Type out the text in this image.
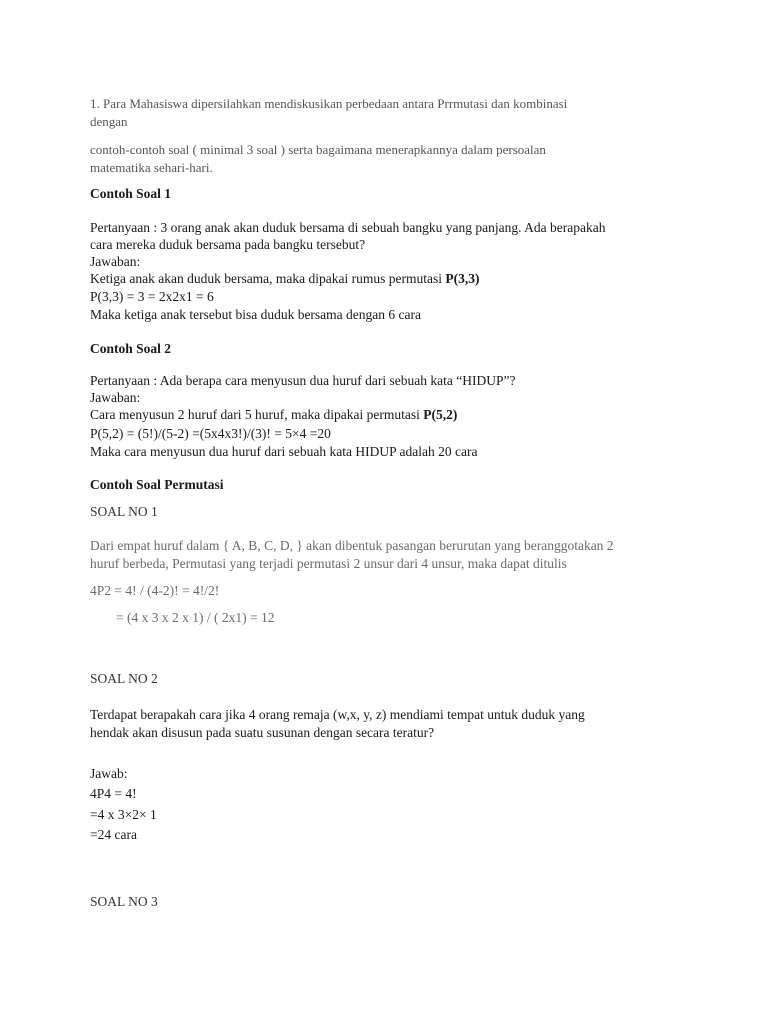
1. Para Mahasiswa dipersilahkan mendiskusikan perbedaan antara Prrmutasi dan kombinasi
dengan
contoh-contoh soal ( minimal 3 soal ) serta bagaimana menerapkannya dalam persoalan
matematika sehari-hari.
Contoh Soal 1
Pertanyaan : 3 orang anak akan duduk bersama di sebuah bangku yang panjang. Ada berapakah
cara mereka duduk bersama pada bangku tersebut?
Jawaban:
Ketiga anak akan duduk bersama, maka dipakai rumus permutasi P(3,3)
P(3,3) = 3 = 2x2x1 = 6
Maka ketiga anak tersebut bisa duduk bersama dengan 6 cara
Contoh Soal 2
Pertanyaan : Ada berapa cara menyusun dua huruf dari sebuah kata “HIDUP”?
Jawaban:
Cara menyusun 2 huruf dari 5 huruf, maka dipakai permutasi P(5,2)
P(5,2) = (5!)/(5-2) =(5x4x3!)/(3)! = 5×4 =20
Maka cara menyusun dua huruf dari sebuah kata HIDUP adalah 20 cara
Contoh Soal Permutasi
SOAL NO 1
Dari empat huruf dalam { A, B, C, D, } akan dibentuk pasangan berurutan yang beranggotakan 2
huruf berbeda, Permutasi yang terjadi permutasi 2 unsur dari 4 unsur, maka dapat ditulis
4P2 = 4! / (4-2)! = 4!/2!
= (4 x 3 x 2 x 1) / ( 2x1) = 12
SOAL NO 2
Terdapat berapakah cara jika 4 orang remaja (w,x, y, z) mendiami tempat untuk duduk yang
hendak akan disusun pada suatu susunan dengan secara teratur?
Jawab:
4P4 = 4!
=4 x 3×2× 1
=24 cara
SOAL NO 3
